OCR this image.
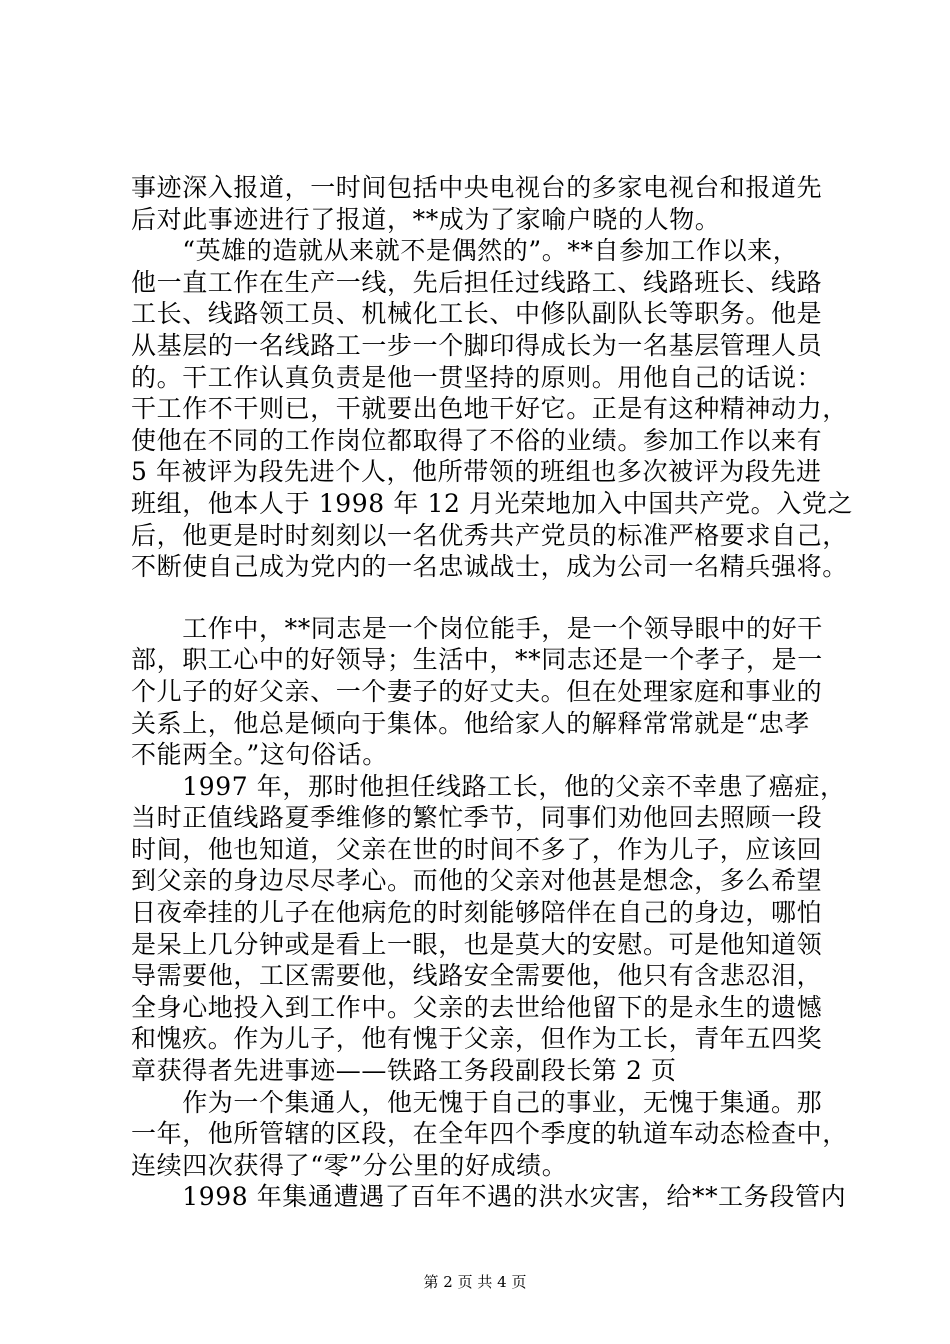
事迹深入报道，一时间包括中央电视台的多家电视台和报道先
后对此事迹进行了报道，**成为了家喻户晓的人物。
　　“英雄的造就从来就不是偶然的”。**自参加工作以来，
他一直工作在生产一线，先后担任过线路工、线路班长、线路
工长、线路领工员、机械化工长、中修队副队长等职务。他是
从基层的一名线路工一步一个脚印得成长为一名基层管理人员
的。干工作认真负责是他一贯坚持的原则。用他自己的话说：
干工作不干则已，干就要出色地干好它。正是有这种精神动力，
使他在不同的工作岗位都取得了不俗的业绩。参加工作以来有
5 年被评为段先进个人，他所带领的班组也多次被评为段先进
班组，他本人于 1998 年 12 月光荣地加入中国共产党。入党之
后，他更是时时刻刻以一名优秀共产党员的标准严格要求自己，
不断使自己成为党内的一名忠诚战士，成为公司一名精兵强将。
　　工作中，**同志是一个岗位能手，是一个领导眼中的好干
部，职工心中的好领导；生活中，**同志还是一个孝子，是一
个儿子的好父亲、一个妻子的好丈夫。但在处理家庭和事业的
关系上，他总是倾向于集体。他给家人的解释常常就是“忠孝
不能两全。”这句俗话。
　　1997 年，那时他担任线路工长，他的父亲不幸患了癌症，
当时正值线路夏季维修的繁忙季节，同事们劝他回去照顾一段
时间，他也知道，父亲在世的时间不多了，作为儿子，应该回
到父亲的身边尽尽孝心。而他的父亲对他甚是想念，多么希望
日夜牵挂的儿子在他病危的时刻能够陪伴在自己的身边，哪怕
是呆上几分钟或是看上一眼，也是莫大的安慰。可是他知道领
导需要他，工区需要他，线路安全需要他，他只有含悲忍泪，
全身心地投入到工作中。父亲的去世给他留下的是永生的遗憾
和愧疚。作为儿子，他有愧于父亲，但作为工长，青年五四奖
章获得者先进事迹——铁路工务段副段长第 2 页
　　作为一个集通人，他无愧于自己的事业，无愧于集通。那
一年，他所管辖的区段，在全年四个季度的轨道车动态检查中，
连续四次获得了“零”分公里的好成绩。
　　1998 年集通遭遇了百年不遇的洪水灾害，给**工务段管内
第 2 页 共 4 页
